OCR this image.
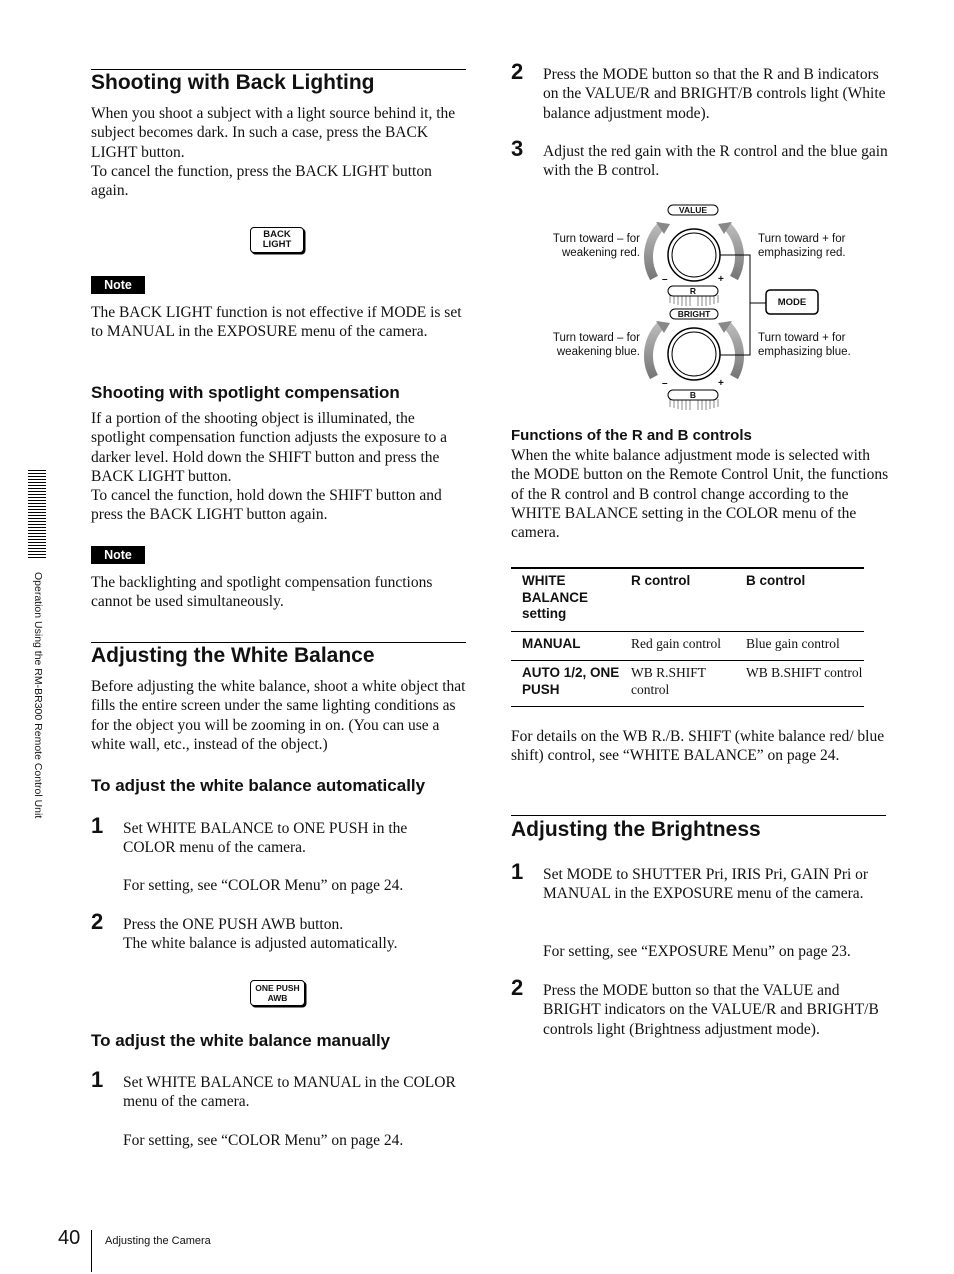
Operation Using the RM-BR300 Remote Control Unit
Shooting with Back Lighting
When you shoot a subject with a light source behind it, the subject becomes dark. In such a case, press the BACK LIGHT button.
To cancel the function, press the BACK LIGHT button again.
BACK
LIGHT
Note
The BACK LIGHT function is not effective if MODE is set to MANUAL in the EXPOSURE menu of the camera.
Shooting with spotlight compensation
If a portion of the shooting object is illuminated, the spotlight compensation function adjusts the exposure to a darker level. Hold down the SHIFT button and press the BACK LIGHT button.
To cancel the function, hold down the SHIFT button and press the BACK LIGHT button again.
Note
The backlighting and spotlight compensation functions cannot be used simultaneously.
Adjusting the White Balance
Before adjusting the white balance, shoot a white object that fills the entire screen under the same lighting conditions as for the object you will be zooming in on. (You can use a white wall, etc., instead of the object.)
To adjust the white balance automatically
1 Set WHITE BALANCE to ONE PUSH in the COLOR menu of the camera.
For setting, see “COLOR Menu” on page 24.
2 Press the ONE PUSH AWB button.
The white balance is adjusted automatically.
ONE PUSH
AWB
To adjust the white balance manually
1 Set WHITE BALANCE to MANUAL in the COLOR menu of the camera.
For setting, see “COLOR Menu” on page 24.
2 Press the MODE button so that the R and B indicators on the VALUE/R and BRIGHT/B controls light (White balance adjustment mode).
3 Adjust the red gain with the R control and the blue gain with the B control.
VALUE
R
BRIGHT
B
MODE
–	+
–	+
Turn toward – for weakening red.
Turn toward + for emphasizing red.
Turn toward – for weakening blue.
Turn toward + for emphasizing blue.
Functions of the R and B controls
When the white balance adjustment mode is selected with the MODE button on the Remote Control Unit, the functions of the R control and B control change according to the WHITE BALANCE setting in the COLOR menu of the camera.
WHITE BALANCE setting	R control	B control
MANUAL	Red gain control	Blue gain control
AUTO 1/2, ONE PUSH	WB R.SHIFT control	WB B.SHIFT control
For details on the WB R./B. SHIFT (white balance red/ blue shift) control, see “WHITE BALANCE” on page 24.
Adjusting the Brightness
1 Set MODE to SHUTTER Pri, IRIS Pri, GAIN Pri or MANUAL in the EXPOSURE menu of the camera.
For setting, see “EXPOSURE Menu” on page 23.
2 Press the MODE button so that the VALUE and BRIGHT indicators on the VALUE/R and BRIGHT/B controls light (Brightness adjustment mode).
40 Adjusting the Camera
